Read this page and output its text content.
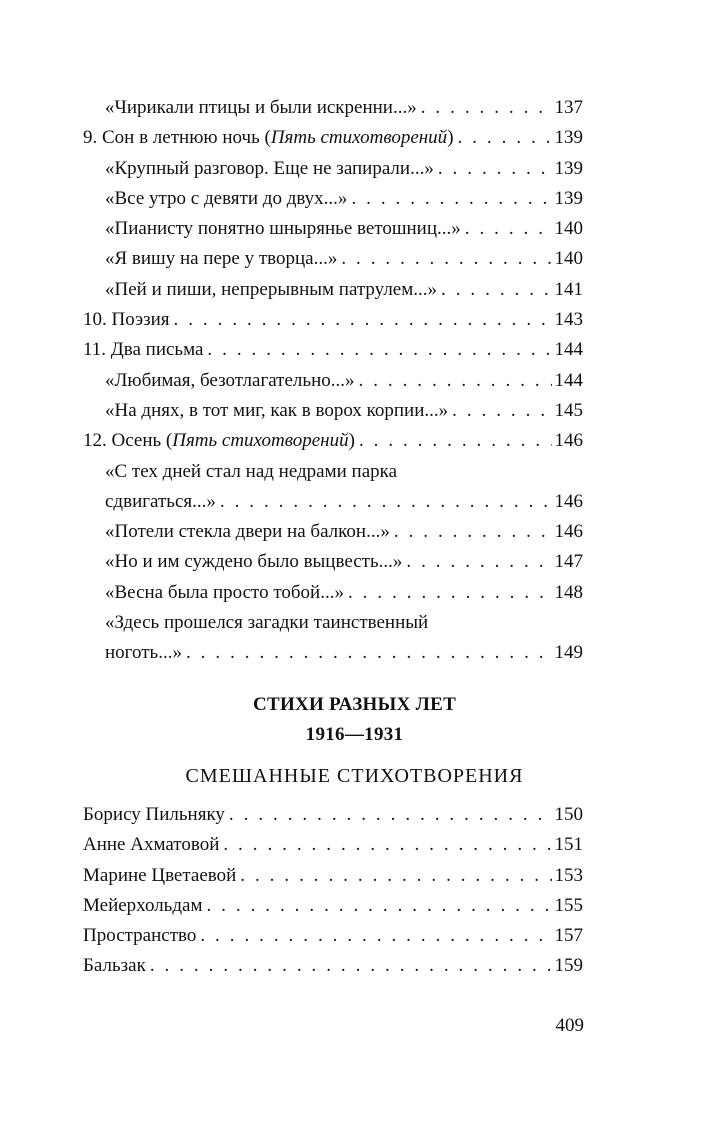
«Чирикали птицы и были искренни...» . . .	137
9. Сон в летнюю ночь (Пять стихотворений) . . .	139
«Крупный разговор. Еще не запирали...» . . .	139
«Все утро с девяти до двух...» . . .	139
«Пианисту понятно шнырянье ветошниц...» . . .	140
«Я вишу на пере у творца...» . . .	140
«Пей и пиши, непрерывным патрулем...» . . .	141
10. Поэзия . . .	143
11. Два письма . . .	144
«Любимая, безотлагательно...» . . .	144
«На днях, в тот миг, как в ворох корпии...» . . .	145
12. Осень (Пять стихотворений) . . .	146
«С тех дней стал над недрами парка
сдвигаться...» . . .	146
«Потели стекла двери на балкон...» . . .	146
«Но и им суждено было выцвесть...» . . .	147
«Весна была просто тобой...» . . .	148
«Здесь прошелся загадки таинственный
ноготь...» . . .	149
СТИХИ РАЗНЫХ ЛЕТ
1916—1931
СМЕШАННЫЕ СТИХОТВОРЕНИЯ
Борису Пильняку . . .	150
Анне Ахматовой . . .	151
Марине Цветаевой . . .	153
Мейерхольдам . . .	155
Пространство . . .	157
Бальзак . . .	159
409
